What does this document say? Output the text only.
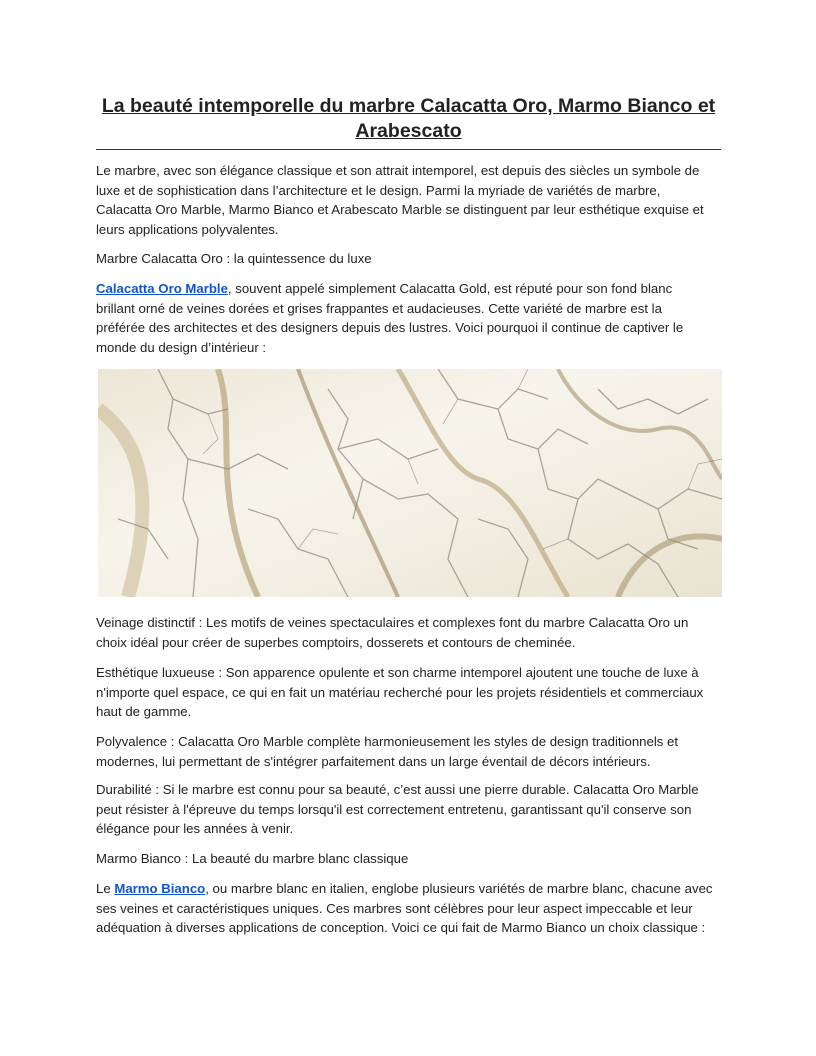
La beauté intemporelle du marbre Calacatta Oro, Marmo Bianco et
Arabescato

Le marbre, avec son élégance classique et son attrait intemporel, est depuis des siècles un symbole de
luxe et de sophistication dans l’architecture et le design. Parmi la myriade de variétés de marbre,
Calacatta Oro Marble, Marmo Bianco et Arabescato Marble se distinguent par leur esthétique exquise et
leurs applications polyvalentes.

Marbre Calacatta Oro : la quintessence du luxe

Calacatta Oro Marble, souvent appelé simplement Calacatta Gold, est réputé pour son fond blanc
brillant orné de veines dorées et grises frappantes et audacieuses. Cette variété de marbre est la
préférée des architectes et des designers depuis des lustres. Voici pourquoi il continue de captiver le
monde du design d’intérieur :

Veinage distinctif : Les motifs de veines spectaculaires et complexes font du marbre Calacatta Oro un
choix idéal pour créer de superbes comptoirs, dosserets et contours de cheminée.

Esthétique luxueuse : Son apparence opulente et son charme intemporel ajoutent une touche de luxe à
n'importe quel espace, ce qui en fait un matériau recherché pour les projets résidentiels et commerciaux
haut de gamme.

Polyvalence : Calacatta Oro Marble complète harmonieusement les styles de design traditionnels et
modernes, lui permettant de s'intégrer parfaitement dans un large éventail de décors intérieurs.

Durabilité : Si le marbre est connu pour sa beauté, c’est aussi une pierre durable. Calacatta Oro Marble
peut résister à l'épreuve du temps lorsqu'il est correctement entretenu, garantissant qu'il conserve son
élégance pour les années à venir.

Marmo Bianco : La beauté du marbre blanc classique

Le Marmo Bianco, ou marbre blanc en italien, englobe plusieurs variétés de marbre blanc, chacune avec
ses veines et caractéristiques uniques. Ces marbres sont célèbres pour leur aspect impeccable et leur
adéquation à diverses applications de conception. Voici ce qui fait de Marmo Bianco un choix classique :
